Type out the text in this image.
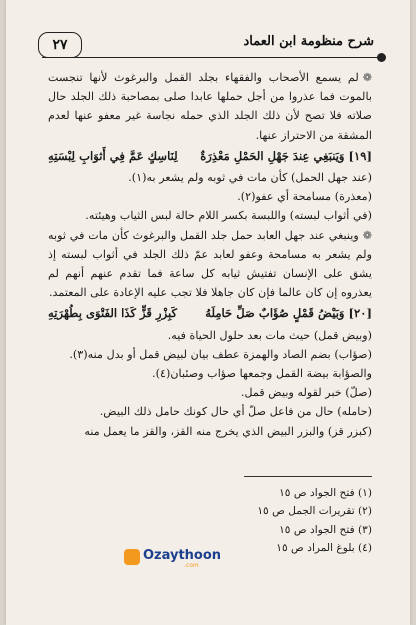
٢٧	شرح منظومة ابن العماد

❁لم يسمع الأصحاب والفقهاء بجلد القمل والبرغوث لأنها تنجست بالموت فما عذروا من أجل حملها عابدا صلى بمصاحبة ذلك الجلد حال صلاته فلا تصح لأن ذلك الجلد الذي حمله نجاسة غير معفو عنها لعدم المشقة من الاحتراز عنها.

[١٩]وَيَنبَغِي عِندَ جَهْلِ الحَمْلِ مَعْذِرَةٌ
لِنَاسِكٍ عَمَّ فِي أَثوَابِ لِبْسَتِهِ

(عند جهل الحمل) كأن مات في ثوبه ولم يشعر به(١).

(معذرة) مسامحة أي عفو(٢).

(في أثواب لبسته) واللبسة بكسر اللام حالة لبس الثياب وهيئته.

❁وينبغي عند جهل العابد حمل جلد القمل والبرغوث كأن مات في ثوبه ولم يشعر به مسامحة وعفو لعابد عمّ ذلك الجلد في أثواب لبسته إذ يشق على الإنسان تفتيش ثيابه كل ساعة فما تقدم عنهم أنهم لم يعذروه إن كان عالما فإن كان جاهلا فلا تجب عليه الإعادة على المعتمد.

[٢٠]وَبَيْضُ قَمْلٍ صُؤَابٌ صَلِّ حَامِلَهُ
كَبِزْرِ قَزٍّ كَذَا الفَتْوَى بِطُهْرَتِهِ

(وبيض قمل) حيث مات بعد حلول الحياة فيه.

(صؤاب) بضم الصاد والهمزة عطف بيان لبيض قمل أو بدل منه(٣).

والصؤابة بيضة القمل وجمعها صؤاب وصئبان(٤).

(صلّ) خبر لقوله وبيض قمل.

(حامله) حال من فاعل صلّ أي حال كونك حامل ذلك البيض.

(كبزر قز) والبزر البيض الذي يخرج منه القز، والقز ما يعمل منه

(١) فتح الجواد ص ١٥
(٢) تقريرات الجمل ص ١٥
(٣) فتح الجواد ص ١٥
(٤) بلوغ المراد ص ١٥
Ozaythoon
.com
